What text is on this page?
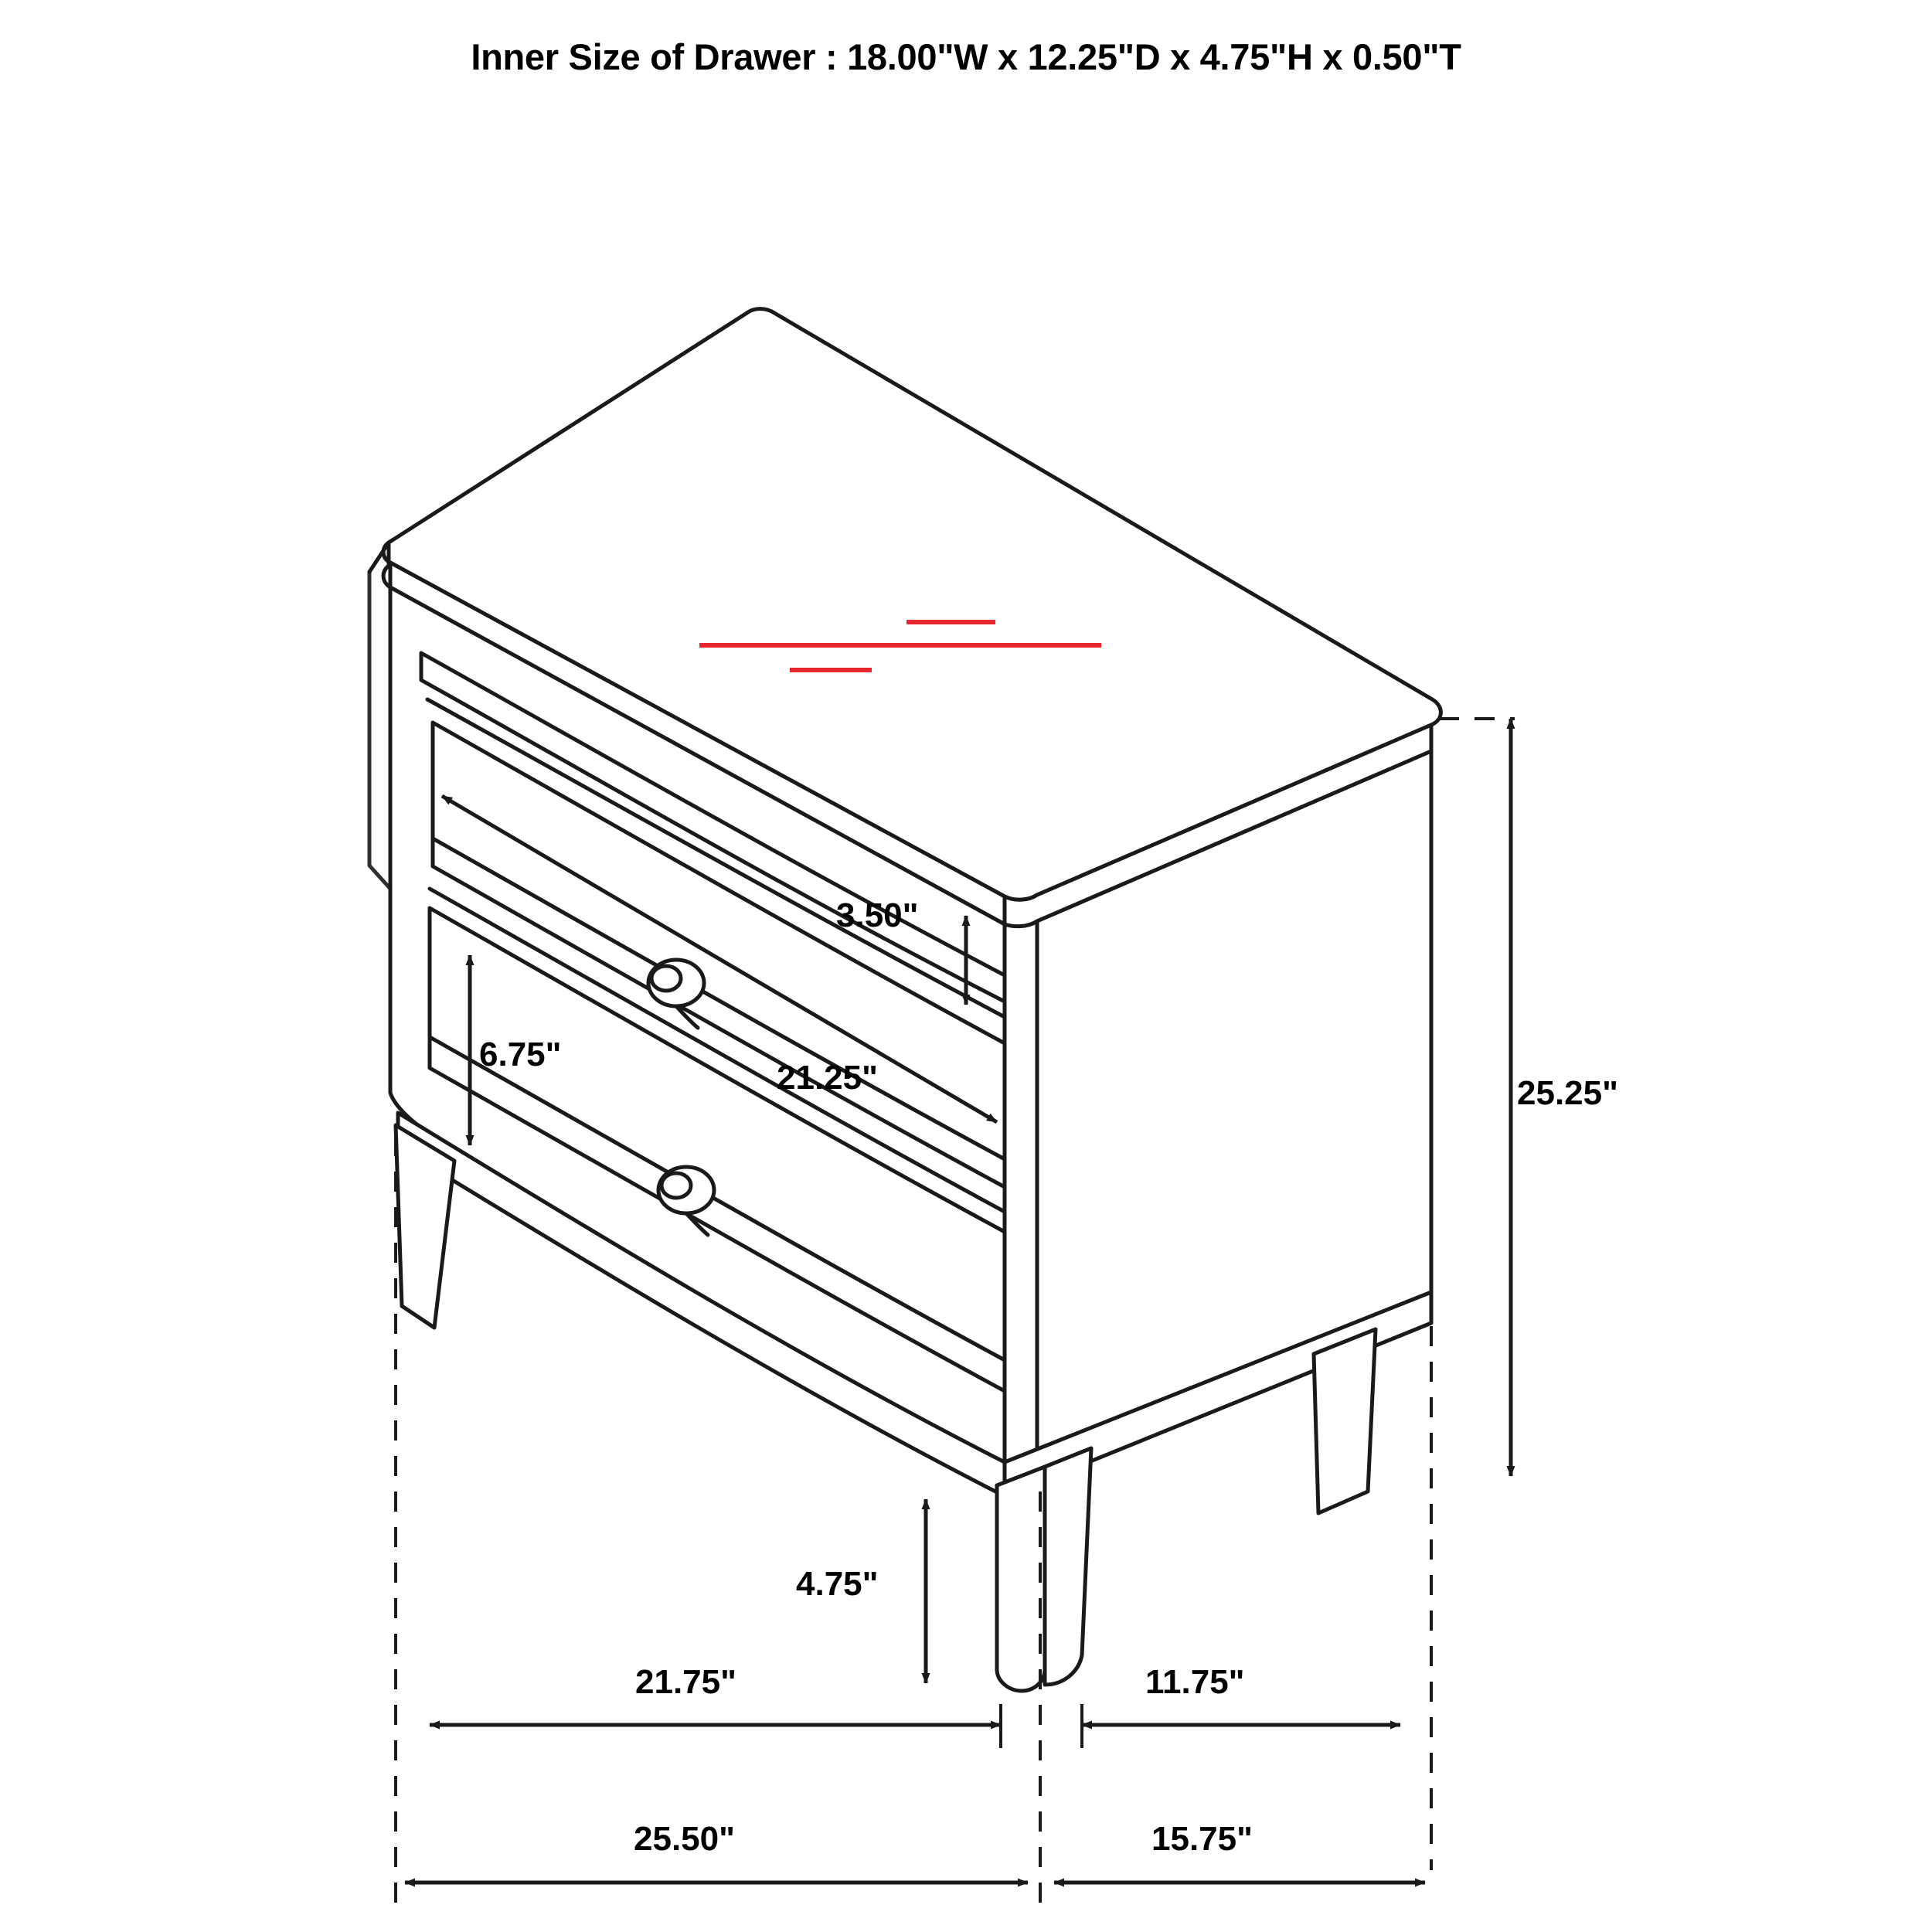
Inner Size of Drawer : 18.00"W x 12.25"D x 4.75"H x 0.50"T
3.50"
6.75"
21.25"	25.25"
4.75"
21.75"	11.75"
25.50"	15.75"
